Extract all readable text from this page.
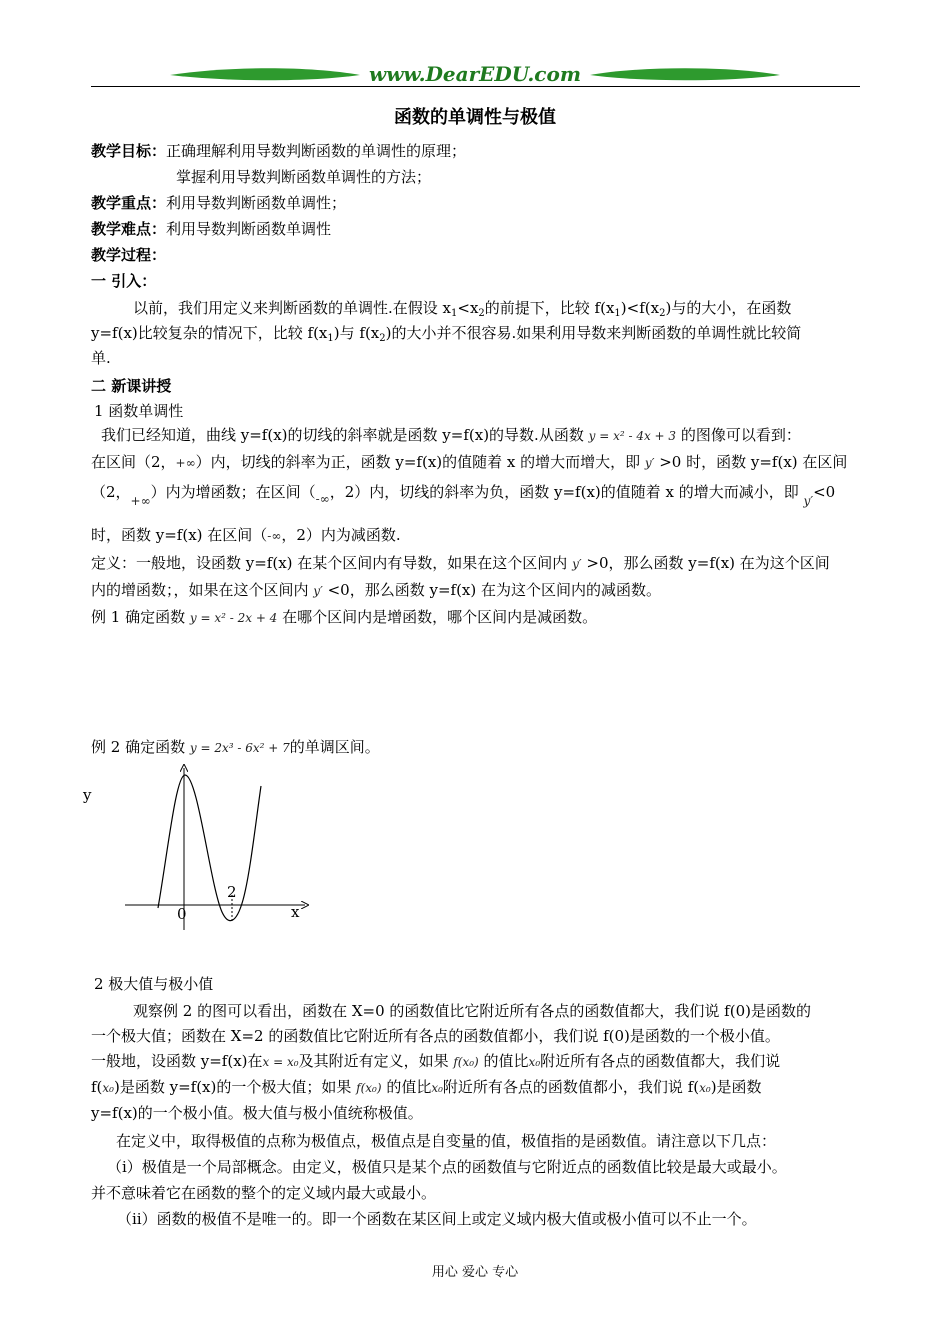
www.DearEDU.com
函数的单调性与极值
教学目标：正确理解利用导数判断函数的单调性的原理；
掌握利用导数判断函数单调性的方法；
教学重点：利用导数判断函数单调性；
教学难点：利用导数判断函数单调性
教学过程：
一 引入：
以前，我们用定义来判断函数的单调性.在假设 $x_1<x_2$的前提下，比较 $f(x_1)<f(x_2)$与的大小，在函数
y=f(x)比较复杂的情况下，比较 $f(x_1)$与 $f(x_2)$的大小并不很容易.如果利用导数来判断函数的单调性就比较简
单.
二 新课讲授
1 函数单调性
我们已经知道，曲线 y=f(x)的切线的斜率就是函数 y=f(x)的导数.从函数 y = x² - 4x + 3 的图像可以看到：
在区间（2，+∞）内，切线的斜率为正，函数 y=f(x)的值随着 x 的增大而增大，即 y′ >0 时，函数 y=f(x) 在区间
（2，$_{+\infty}$）内为增函数；在区间（$_{-\infty}$，2）内，切线的斜率为负，函数 y=f(x)的值随着 x 的增大而减小，即 $_{y'}$<0
时，函数 y=f(x) 在区间（-∞，2）内为减函数.
定义：一般地，设函数 y=f(x) 在某个区间内有导数，如果在这个区间内 y′ >0，那么函数 y=f(x) 在为这个区间
内的增函数；，如果在这个区间内 y′ <0，那么函数 y=f(x) 在为这个区间内的减函数。
例 1 确定函数 y = x² - 2x + 4 在哪个区间内是增函数，哪个区间内是减函数。
例 2 确定函数 y = 2x³ - 6x² + 7的单调区间。
y
x
0
2
2 极大值与极小值
观察例 2 的图可以看出，函数在 X=0 的函数值比它附近所有各点的函数值都大，我们说 f(0)是函数的
一个极大值；函数在 X=2 的函数值比它附近所有各点的函数值都小，我们说 f(0)是函数的一个极小值。
一般地，设函数 y=f(x)在x = x₀及其附近有定义，如果 f(x₀) 的值比x₀附近所有各点的函数值都大，我们说
f(x₀)是函数 y=f(x)的一个极大值；如果 f(x₀) 的值比x₀附近所有各点的函数值都小，我们说 f(x₀)是函数
y=f(x)的一个极小值。极大值与极小值统称极值。
在定义中，取得极值的点称为极值点，极值点是自变量的值，极值指的是函数值。请注意以下几点：
（ⅰ）极值是一个局部概念。由定义，极值只是某个点的函数值与它附近点的函数值比较是最大或最小。
并不意味着它在函数的整个的定义域内最大或最小。
（ⅱ）函数的极值不是唯一的。即一个函数在某区间上或定义域内极大值或极小值可以不止一个。
用心 爱心 专心
